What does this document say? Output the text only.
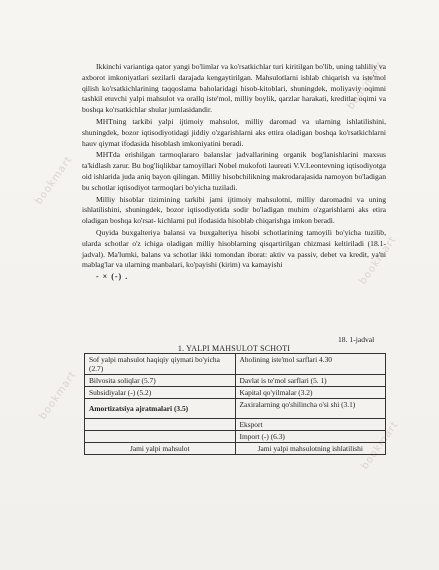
bookmart
bookmart
bookmart
bookmart
bookmart

Ikkinchi variantiga qator yangi bo'limlar va ko'rsatkichlar turi kiritilgan bo'lib, uning tahliliy va axborot imkoniyatlari sezilarli darajada kengaytirilgan. Mahsulotlarni ishlab chiqarish va iste'mol qilish ko'rsatkichlarining taqqoslama baholaridagi hisob-kitoblari, shuningdek, moliyaviy oqimni tashkil etuvchi yalpi mahsulot va orallq iste'mol, milliy boylik, qarzlar harakati, kreditlar oqimi va boshqa ko'rsatkichlar shular jumlasidandir.

MHTning tarkibi yalpi ijtimoiy mahsulot, milliy daromad va ularning ishlatilishini, shuningdek, bozor iqtisodiyotidagi jiddiy o'zgarishlarni aks ettira oladigan boshqa ko'rsatkichlarni hauv qiymat ifodasida hisoblash imkoniyatini beradi.

MHTda erishilgan tarmoqlararo balanslar jadvallarining organik bog'lanishlarini maxsus ta'kidlash zarur. Bu bog'liqlikbar tamoyillari Nobel mukofoti laureati V.V.Leontevning iqtisodiyotga oid ishlarida juda aniq bayon qilingan. Milliy hisobchilikning makrodarajasida namoyon bo'ladigan bu schotlar iqtisodiyot tarmoqlari bo'yicha tuziladi.

Milliy hisoblar tizimining tarkibi jami ijtimoiy mahsulotni, milliy daromadni va uning ishlatilishini, shuningdek, bozor iqtisodiyotida sodir bo'ladigan muhim o'zgarishlarni aks etira oladigan boshqa ko'rsat- kichlarni pul ifodasida hisoblab chiqarishga imkon beradi.

Quyida buxgalteriya balansi va buxgalteriya hisobi schotlarining tamoyili bo'yicha tuzilib, ularda schotlar o'z ichiga oladigan milliy hisoblarning qisqartirilgan chizmasi keltiriladi (18.1-jadval). Ma'lumki, balans va schotlar ikki tomondan iborat: aktiv va passiv, debet va kredit, ya'ni mablag'lar va ularning manbalari, ko'payishi (kirim) va kamayishi

- × (-) .

18. 1-jadval
1. YALPI MAHSULOT SCHOTI
Sof yalpi mahsulot haqiqiy qiymati bo'yicha (2.7)	Aholining iste'mol sarflari 4.30
Bilvosita soliqlar (5.7)	Davlat is te'mol sarflari (5. 1)
Subsidiyalar (-) (5.2)	Kapital qo'yilmalar (3.2)
Amortizatsiya ajratmalari (3.5)	Zaxiralarning qo'shilincha o'si shi (3.1)
	Eksport
	Import (-) (6.3)
Jami yalpi mahsulot	Jami yalpi mahsulotning ishlatilishi
